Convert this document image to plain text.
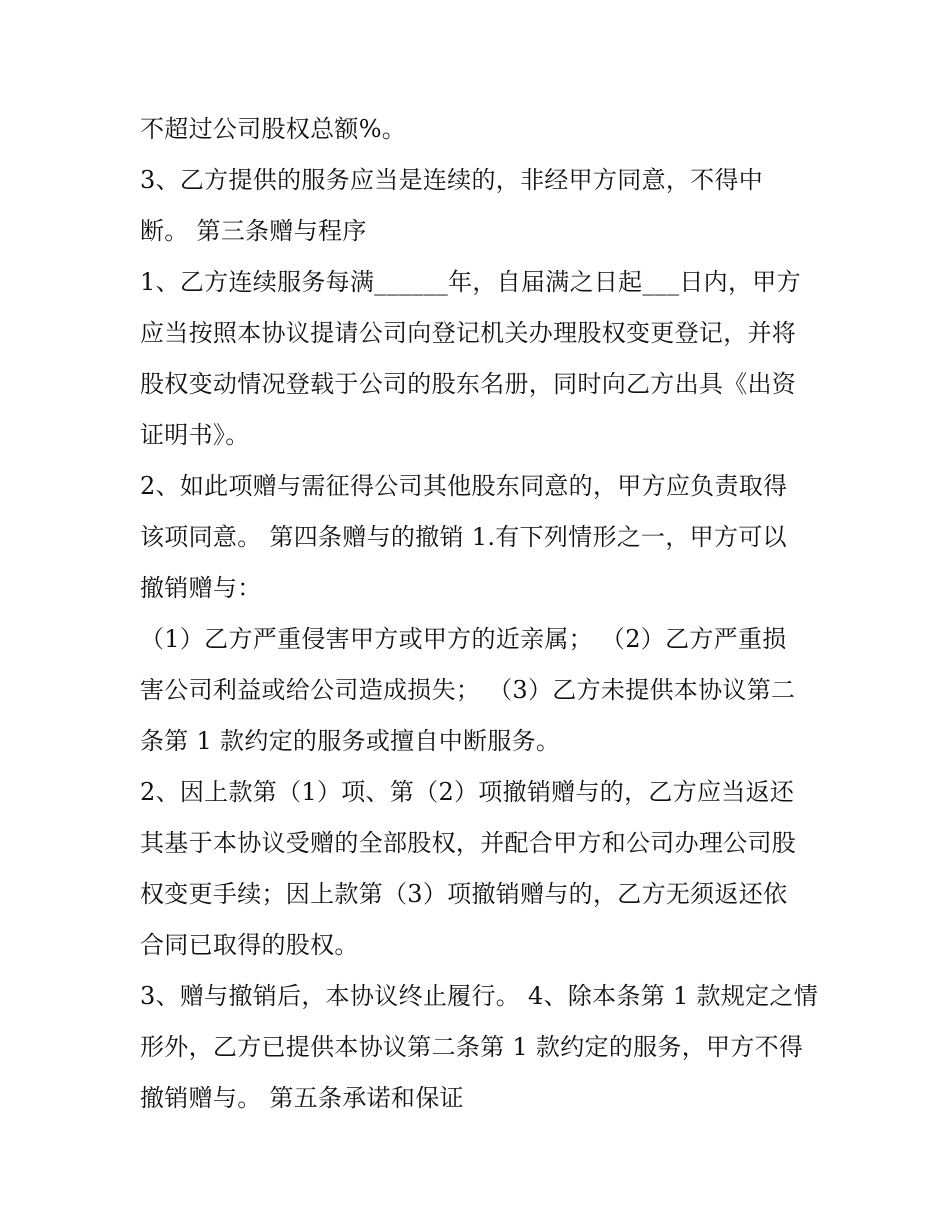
不超过公司股权总额%。
3、乙方提供的服务应当是连续的，非经甲方同意，不得中
断。 第三条赠与程序
1、乙方连续服务每满______年，自届满之日起___日内，甲方
应当按照本协议提请公司向登记机关办理股权变更登记，并将
股权变动情况登载于公司的股东名册，同时向乙方出具《出资
证明书》。
2、如此项赠与需征得公司其他股东同意的，甲方应负责取得
该项同意。 第四条赠与的撤销 1.有下列情形之一，甲方可以
撤销赠与：
（1）乙方严重侵害甲方或甲方的近亲属； （2）乙方严重损
害公司利益或给公司造成损失； （3）乙方未提供本协议第二
条第 1 款约定的服务或擅自中断服务。
2、因上款第（1）项、第（2）项撤销赠与的，乙方应当返还
其基于本协议受赠的全部股权，并配合甲方和公司办理公司股
权变更手续；因上款第（3）项撤销赠与的，乙方无须返还依
合同已取得的股权。
3、赠与撤销后，本协议终止履行。 4、除本条第 1 款规定之情
形外，乙方已提供本协议第二条第 1 款约定的服务，甲方不得
撤销赠与。 第五条承诺和保证
